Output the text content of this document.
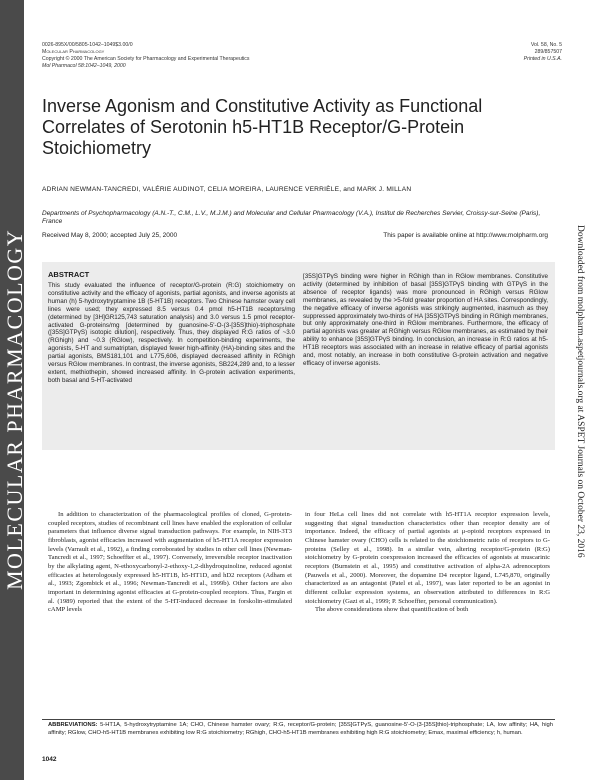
MOLECULAR PHARMACOLOGY	Downloaded from molpharm.aspetjournals.org at ASPET Journals on October 23, 2016
0026-895X/00/5805-1042–1049$3.00/0
Molecular Pharmacology
Copyright © 2000 The American Society for Pharmacology and Experimental Therapeutics
Mol Pharmacol 58:1042–1049, 2000
Vol. 58, No. 5
289/857507
Printed in U.S.A.
Inverse Agonism and Constitutive Activity as Functional Correlates of Serotonin h5-HT1B Receptor/G-Protein Stoichiometry
ADRIAN NEWMAN-TANCREDI, VALÉRIE AUDINOT, CELIA MOREIRA, LAURENCE VERRIÈLE, and MARK J. MILLAN
Departments of Psychopharmacology (A.N.-T., C.M., L.V., M.J.M.) and Molecular and Cellular Pharmacology (V.A.), Institut de Recherches Servier, Croissy-sur-Seine (Paris), France
Received May 8, 2000; accepted July 25, 2000	This paper is available online at http://www.molpharm.org
ABSTRACT
This study evaluated the influence of receptor/G-protein (R:G) stoichiometry on constitutive activity and the efficacy of agonists, partial agonists, and inverse agonists at human (h) 5-hydroxytryptamine 1B (5-HT1B) receptors. Two Chinese hamster ovary cell lines were used; they expressed 8.5 versus 0.4 pmol h5-HT1B receptors/mg (determined by [3H]GR125,743 saturation analysis) and 3.0 versus 1.5 pmol receptor-activated G-proteins/mg [determined by guanosine-5'-O-(3-[35S]thio)-triphosphate ([35S]GTPγS) isotopic dilution], respectively. Thus, they displayed R:G ratios of ~3.0 (RGhigh) and ~0.3 (RGlow), respectively. In competition-binding experiments, the agonists, 5-HT and sumatriptan, displayed fewer high-affinity (HA)-binding sites and the partial agonists, BMS181,101 and L775,606, displayed decreased affinity in RGhigh versus RGlow membranes. In contrast, the inverse agonists, SB224,289 and, to a lesser extent, methiothepin, showed increased affinity. In G-protein activation experiments, both basal and 5-HT-activated
[35S]GTPγS binding were higher in RGhigh than in RGlow membranes. Constitutive activity (determined by inhibition of basal [35S]GTPγS binding with GTPγS in the absence of receptor ligands) was more pronounced in RGhigh versus RGlow membranes, as revealed by the >5-fold greater proportion of HA sites. Correspondingly, the negative efficacy of inverse agonists was strikingly augmented, inasmuch as they suppressed approximately two-thirds of HA [35S]GTPγS binding in RGhigh membranes, but only approximately one-third in RGlow membranes. Furthermore, the efficacy of partial agonists was greater at RGhigh versus RGlow membranes, as estimated by their ability to enhance [35S]GTPγS binding. In conclusion, an increase in R:G ratios at h5-HT1B receptors was associated with an increase in relative efficacy of partial agonists and, most notably, an increase in both constitutive G-protein activation and negative efficacy of inverse agonists.

In addition to characterization of the pharmacological profiles of cloned, G-protein-coupled receptors, studies of recombinant cell lines have enabled the exploration of cellular parameters that influence diverse signal transduction pathways. For example, in NIH-3T3 fibroblasts, agonist efficacies increased with augmentation of h5-HT1A receptor expression levels (Varrault et al., 1992), a finding corroborated by studies in other cell lines (Newman-Tancredi et al., 1997; Schoeffter et al., 1997). Conversely, irreversible receptor inactivation by the alkylating agent, N-ethoxycarbonyl-2-ethoxy-1,2-dihydroquinoline, reduced agonist efficacies at heterologously expressed h5-HT1B, h5-HT1D, and hD2 receptors (Adham et al., 1993; Zgombick et al., 1996; Newman-Tancredi et al., 1999b). Other factors are also important in determining agonist efficacies at G-protein-coupled receptors. Thus, Fargin et al. (1989) reported that the extent of the 5-HT-induced decrease in forskolin-stimulated cAMP levels

in four HeLa cell lines did not correlate with h5-HT1A receptor expression levels, suggesting that signal transduction characteristics other than receptor density are of importance. Indeed, the efficacy of partial agonists at μ-opioid receptors expressed in Chinese hamster ovary (CHO) cells is related to the stoichiometric ratio of receptors to G-proteins (Selley et al., 1998). In a similar vein, altering receptor/G-protein (R:G) stoichiometry by G-protein coexpression increased the efficacies of agonists at muscarinic receptors (Burnstein et al., 1995) and constitutive activation of alpha-2A adrenoceptors (Pauwels et al., 2000). Moreover, the dopamine D4 receptor ligand, L745,870, originally characterized as an antagonist (Patel et al., 1997), was later reported to be an agonist in different cellular expression systems, an observation attributed to differences in R:G stoichiometry (Gazi et al., 1999; P. Schoeffter, personal communication).

The above considerations show that quantification of both

ABBREVIATIONS: 5-HT1A, 5-hydroxytryptamine 1A; CHO, Chinese hamster ovary; R:G, receptor/G-protein; [35S]GTPγS, guanosine-5'-O-(3-[35S]thio)-triphosphate; LA, low affinity; HA, high affinity; RGlow, CHO-h5-HT1B membranes exhibiting low R:G stoichiometry; RGhigh, CHO-h5-HT1B membranes exhibiting high R:G stoichiometry; Emax, maximal efficiency; h, human.
1042
